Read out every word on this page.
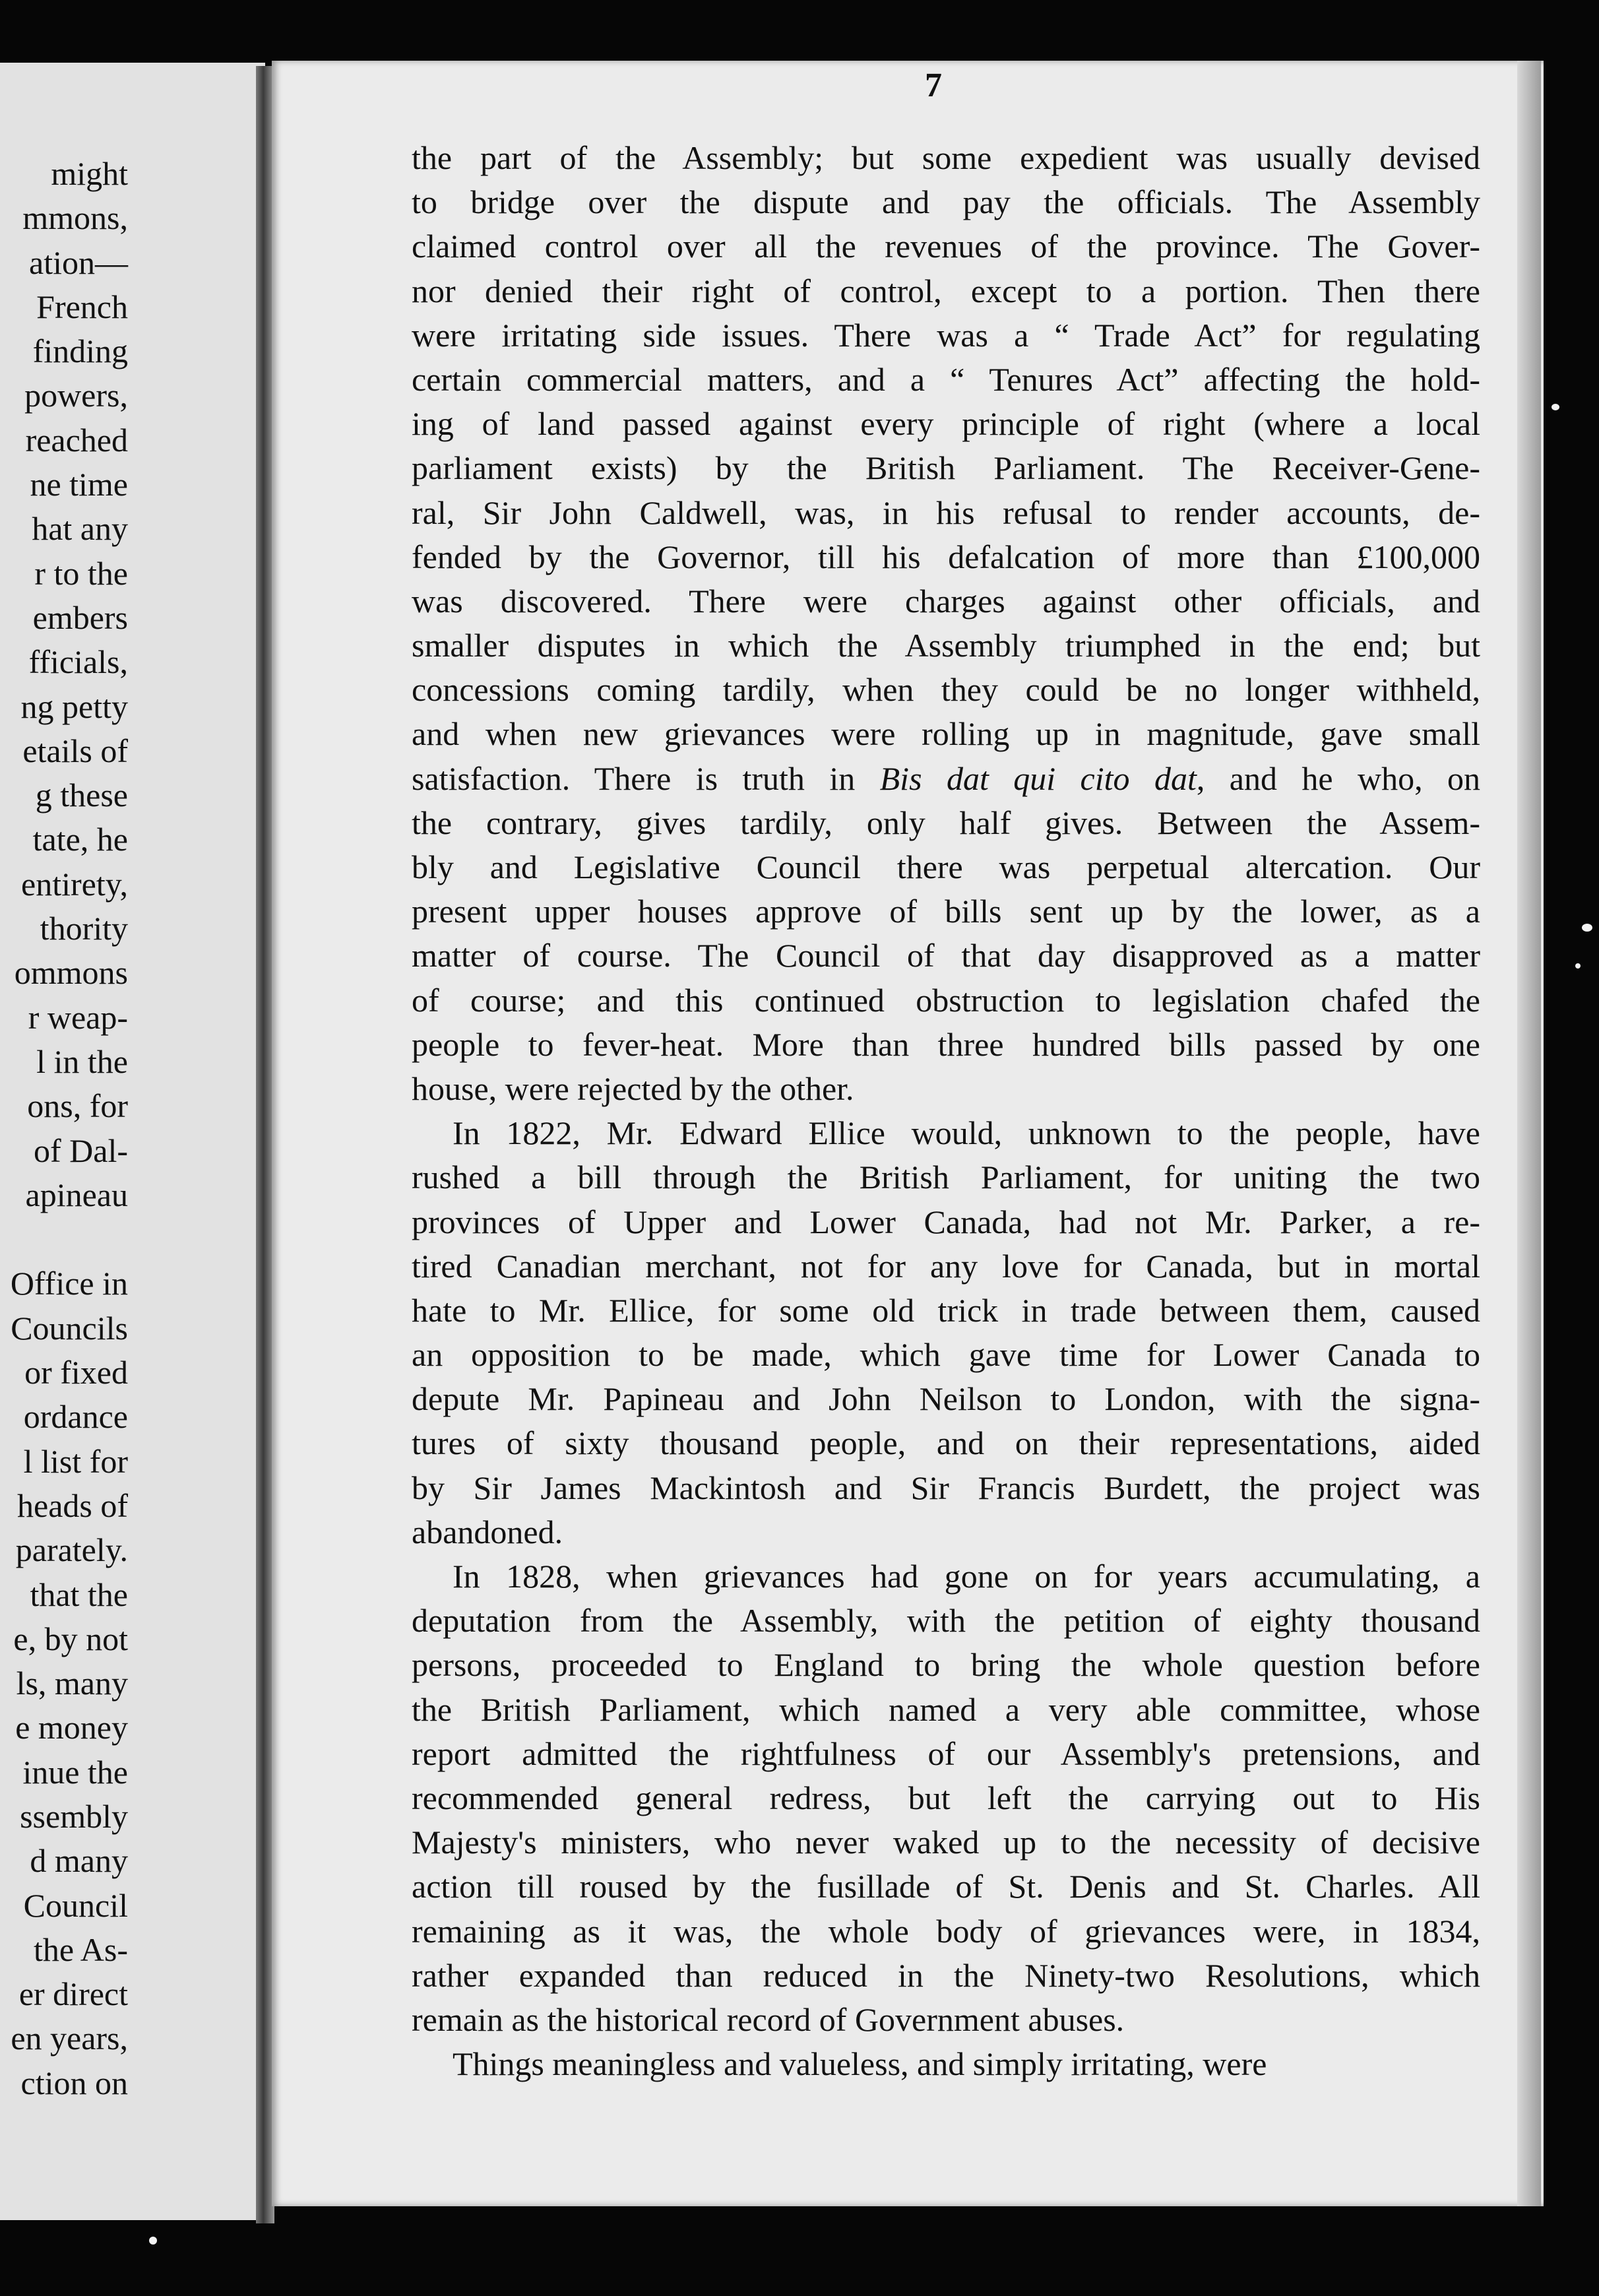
might
mmons,
ation—
French
finding
powers,
reached
ne time
hat any
r to the
embers
fficials,
ng petty
etails of
g these
tate, he
entirety,
thority
ommons
r weap-
l in the
ons, for
of Dal-
apineau
Office in
Councils
or fixed
ordance
l list for
heads of
parately.
that the
e, by not
ls, many
e money
inue the
ssembly
d many
Council
the As-
er direct
en years,
ction on
7
the part of the Assembly; but some expedient was usually devised
to bridge over the dispute and pay the officials. The Assembly
claimed control over all the revenues of the province. The Gover-
nor denied their right of control, except to a portion. Then there
were irritating side issues. There was a “ Trade Act” for regulating
certain commercial matters, and a “ Tenures Act” affecting the hold-
ing of land passed against every principle of right (where a local
parliament exists) by the British Parliament. The Receiver-Gene-
ral, Sir John Caldwell, was, in his refusal to render accounts, de-
fended by the Governor, till his defalcation of more than £100,000
was discovered. There were charges against other officials, and
smaller disputes in which the Assembly triumphed in the end; but
concessions coming tardily, when they could be no longer withheld,
and when new grievances were rolling up in magnitude, gave small
satisfaction. There is truth in Bis dat qui cito dat, and he who, on
the contrary, gives tardily, only half gives. Between the Assem-
bly and Legislative Council there was perpetual altercation. Our
present upper houses approve of bills sent up by the lower, as a
matter of course. The Council of that day disapproved as a matter
of course; and this continued obstruction to legislation chafed the
people to fever-heat. More than three hundred bills passed by one
house, were rejected by the other.
In 1822, Mr. Edward Ellice would, unknown to the people, have
rushed a bill through the British Parliament, for uniting the two
provinces of Upper and Lower Canada, had not Mr. Parker, a re-
tired Canadian merchant, not for any love for Canada, but in mortal
hate to Mr. Ellice, for some old trick in trade between them, caused
an opposition to be made, which gave time for Lower Canada to
depute Mr. Papineau and John Neilson to London, with the signa-
tures of sixty thousand people, and on their representations, aided
by Sir James Mackintosh and Sir Francis Burdett, the project was
abandoned.
In 1828, when grievances had gone on for years accumulating, a
deputation from the Assembly, with the petition of eighty thousand
persons, proceeded to England to bring the whole question before
the British Parliament, which named a very able committee, whose
report admitted the rightfulness of our Assembly's pretensions, and
recommended general redress, but left the carrying out to His
Majesty's ministers, who never waked up to the necessity of decisive
action till roused by the fusillade of St. Denis and St. Charles. All
remaining as it was, the whole body of grievances were, in 1834,
rather expanded than reduced in the Ninety-two Resolutions, which
remain as the historical record of Government abuses.
Things meaningless and valueless, and simply irritating, were
